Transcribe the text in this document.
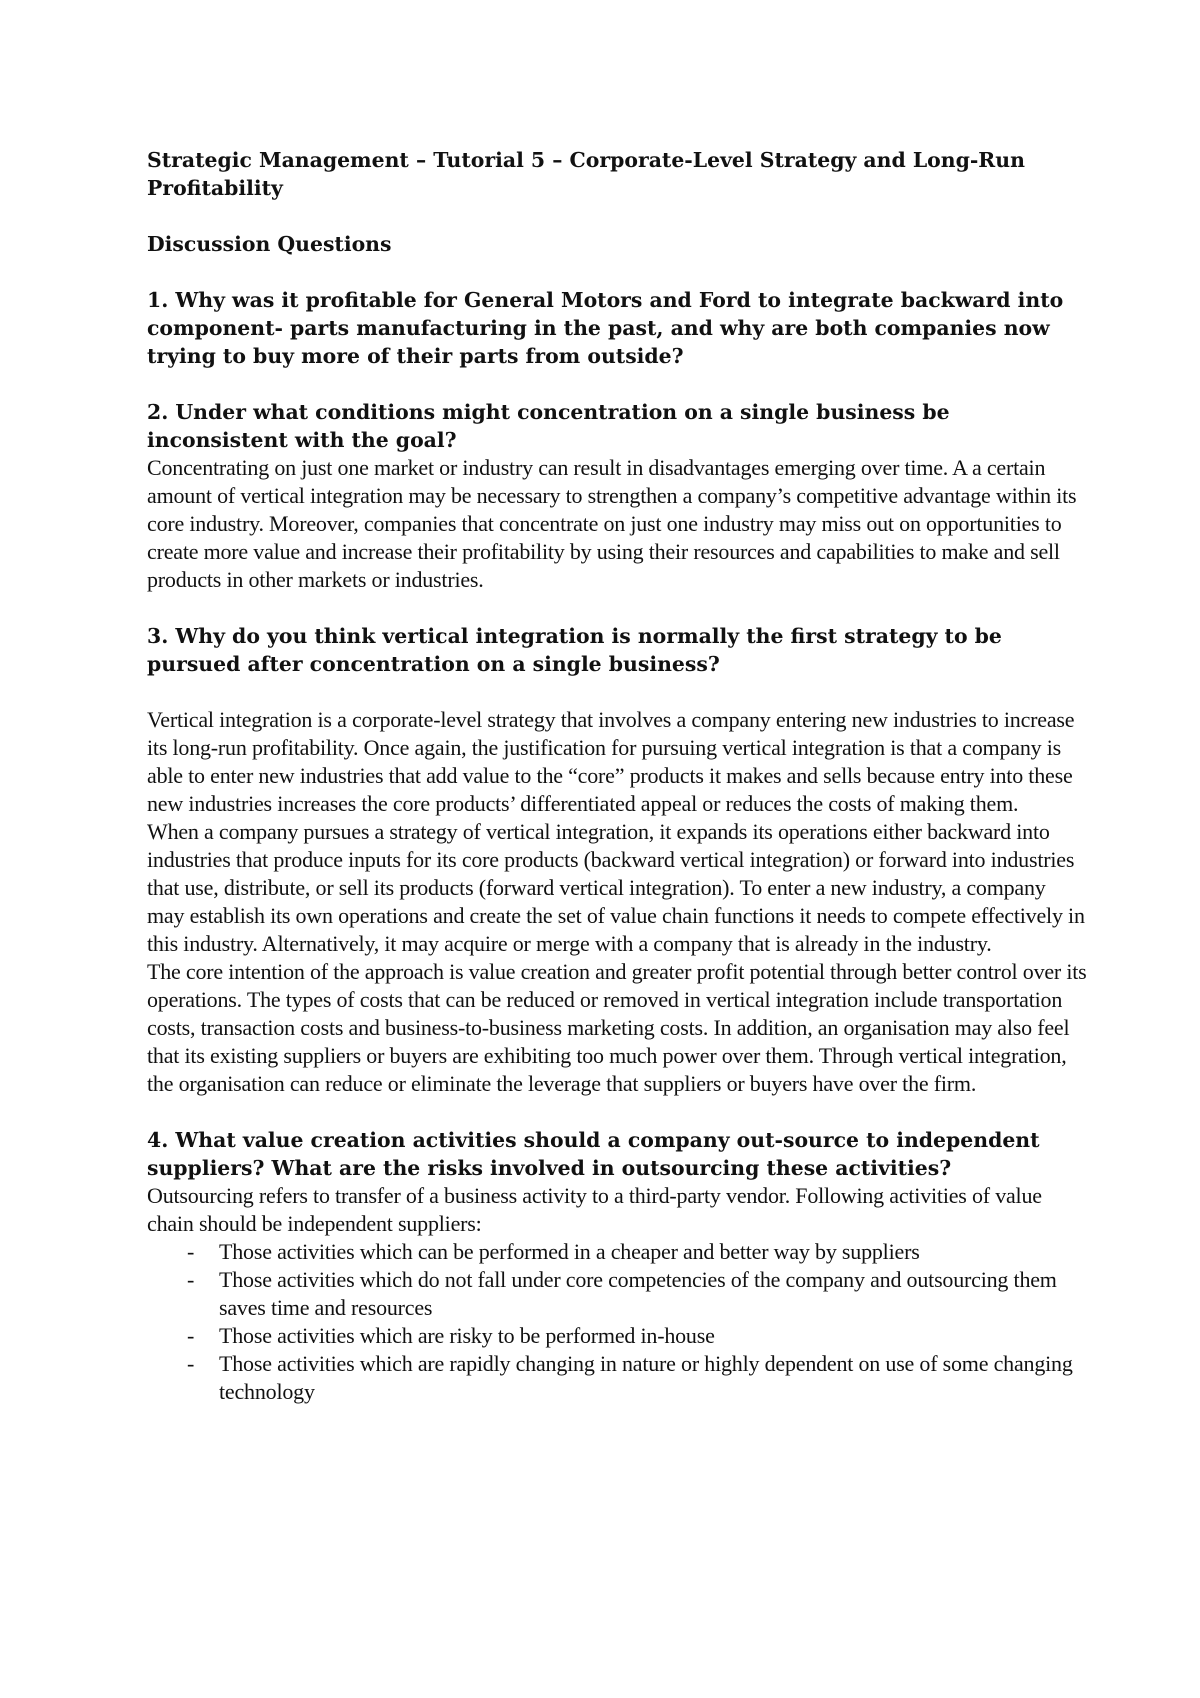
Strategic Management – Tutorial 5 – Corporate-Level Strategy and Long-Run Profitability

Discussion Questions

1. Why was it profitable for General Motors and Ford to integrate backward into component- parts manufacturing in the past, and why are both companies now trying to buy more of their parts from outside?

2. Under what conditions might concentration on a single business be inconsistent with the goal?

Concentrating on just one market or industry can result in disadvantages emerging over time. A a certain amount of vertical integration may be necessary to strengthen a company’s competitive advantage within its core industry. Moreover, companies that concentrate on just one industry may miss out on opportunities to create more value and increase their profitability by using their resources and capabilities to make and sell products in other markets or industries.

3. Why do you think vertical integration is normally the first strategy to be pursued after concentration on a single business?

Vertical integration is a corporate-level strategy that involves a company entering new industries to increase its long-run profitability. Once again, the justification for pursuing vertical integration is that a company is able to enter new industries that add value to the “core” products it makes and sells because entry into these new industries increases the core products’ differentiated appeal or reduces the costs of making them.

When a company pursues a strategy of vertical integration, it expands its operations either backward into industries that produce inputs for its core products (backward vertical integration) or forward into industries that use, distribute, or sell its products (forward vertical integration). To enter a new industry, a company may establish its own operations and create the set of value chain functions it needs to compete effectively in this industry. Alternatively, it may acquire or merge with a company that is already in the industry.

The core intention of the approach is value creation and greater profit potential through better control over its operations. The types of costs that can be reduced or removed in vertical integration include transportation costs, transaction costs and business-to-business marketing costs. In addition, an organisation may also feel that its existing suppliers or buyers are exhibiting too much power over them. Through vertical integration, the organisation can reduce or eliminate the leverage that suppliers or buyers have over the firm.

4. What value creation activities should a company out-source to independent suppliers? What are the risks involved in outsourcing these activities?

Outsourcing refers to transfer of a business activity to a third-party vendor. Following activities of value chain should be independent suppliers:

- Those activities which can be performed in a cheaper and better way by suppliers
- Those activities which do not fall under core competencies of the company and outsourcing them saves time and resources
- Those activities which are risky to be performed in-house
- Those activities which are rapidly changing in nature or highly dependent on use of some changing technology
